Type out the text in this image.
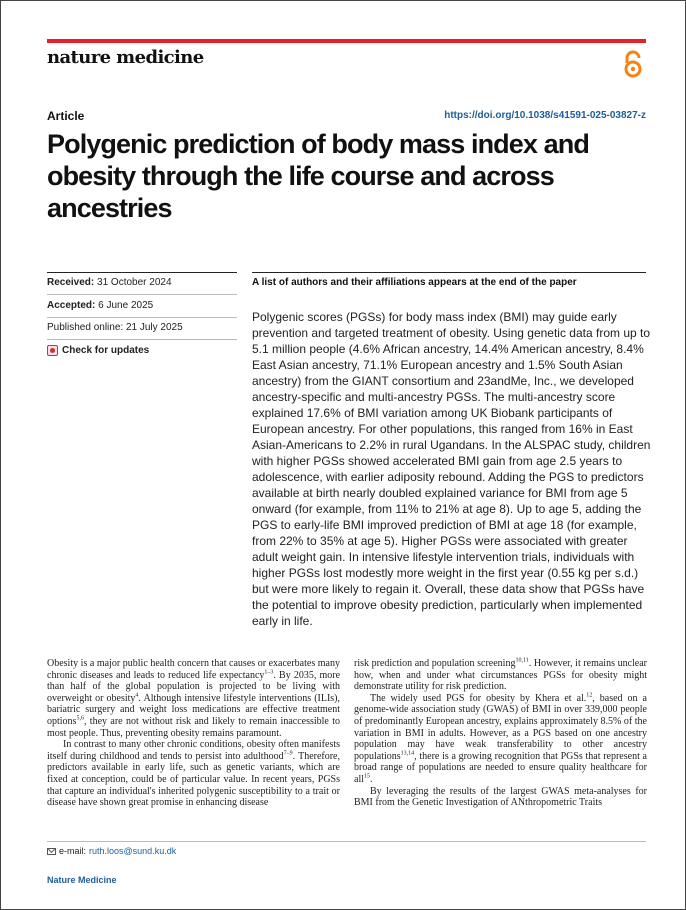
nature medicine
Article	https://doi.org/10.1038/s41591-025-03827-z
Polygenic prediction of body mass index and obesity through the life course and across ancestries
Received: 31 October 2024
Accepted: 6 June 2025
Published online: 21 July 2025
Check for updates
A list of authors and their affiliations appears at the end of the paper

Polygenic scores (PGSs) for body mass index (BMI) may guide early prevention and targeted treatment of obesity. Using genetic data from up to 5.1 million people (4.6% African ancestry, 14.4% American ancestry, 8.4% East Asian ancestry, 71.1% European ancestry and 1.5% South Asian ancestry) from the GIANT consortium and 23andMe, Inc., we developed ancestry-specific and multi-ancestry PGSs. The multi-ancestry score explained 17.6% of BMI variation among UK Biobank participants of European ancestry. For other populations, this ranged from 16% in East Asian-Americans to 2.2% in rural Ugandans. In the ALSPAC study, children with higher PGSs showed accelerated BMI gain from age 2.5 years to adolescence, with earlier adiposity rebound. Adding the PGS to predictors available at birth nearly doubled explained variance for BMI from age 5 onward (for example, from 11% to 21% at age 8). Up to age 5, adding the PGS to early-life BMI improved prediction of BMI at age 18 (for example, from 22% to 35% at age 5). Higher PGSs were associated with greater adult weight gain. In intensive lifestyle intervention trials, individuals with higher PGSs lost modestly more weight in the first year (0.55 kg per s.d.) but were more likely to regain it. Overall, these data show that PGSs have the potential to improve obesity prediction, particularly when implemented early in life.

Obesity is a major public health concern that causes or exacerbates many chronic diseases and leads to reduced life expectancy$^{1-3}$. By 2035, more than half of the global population is projected to be living with overweight or obesity$^4$. Although intensive lifestyle interventions (ILIs), bariatric surgery and weight loss medications are effective treatment options$^{5,6}$, they are not without risk and likely to remain inaccessible to most people. Thus, preventing obesity remains paramount.

In contrast to many other chronic conditions, obesity often manifests itself during childhood and tends to persist into adulthood$^{7-9}$. Therefore, predictors available in early life, such as genetic variants, which are fixed at conception, could be of particular value. In recent years, PGSs that capture an individual's inherited polygenic susceptibility to a trait or disease have shown great promise in enhancing disease

risk prediction and population screening$^{10,11}$. However, it remains unclear how, when and under what circumstances PGSs for obesity might demonstrate utility for risk prediction.

The widely used PGS for obesity by Khera et al.$^{12}$, based on a genome-wide association study (GWAS) of BMI in over 339,000 people of predominantly European ancestry, explains approximately 8.5% of the variation in BMI in adults. However, as a PGS based on one ancestry population may have weak transferability to other ancestry populations$^{13,14}$, there is a growing recognition that PGSs that represent a broad range of populations are needed to ensure quality healthcare for all$^{15}$.

By leveraging the results of the largest GWAS meta-analyses for BMI from the Genetic Investigation of ANthropometric Traits

e-mail: ruth.loos@sund.ku.dk
Nature Medicine
